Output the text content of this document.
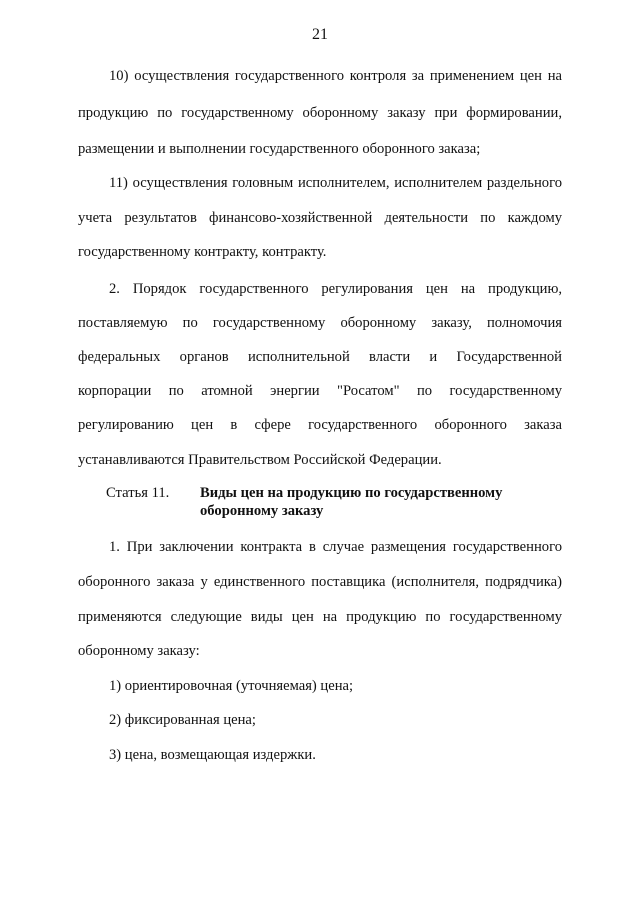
21
10) осуществления государственного контроля за применением цен на
продукцию по государственному оборонному заказу при формировании,
размещении и выполнении государственного оборонного заказа;
11) осуществления головным исполнителем, исполнителем раздельного
учета результатов финансово-хозяйственной деятельности по каждому
государственному контракту, контракту.
2. Порядок государственного регулирования цен на продукцию,
поставляемую по государственному оборонному заказу, полномочия
федеральных органов исполнительной власти и Государственной
корпорации по атомной энергии "Росатом" по государственному
регулированию цен в сфере государственного оборонного заказа
устанавливаются Правительством Российской Федерации.
Статья 11. Виды цен на продукцию по государственному
оборонному заказу
1. При заключении контракта в случае размещения государственного
оборонного заказа у единственного поставщика (исполнителя, подрядчика)
применяются следующие виды цен на продукцию по государственному
оборонному заказу:
1) ориентировочная (уточняемая) цена;
2) фиксированная цена;
3) цена, возмещающая издержки.
